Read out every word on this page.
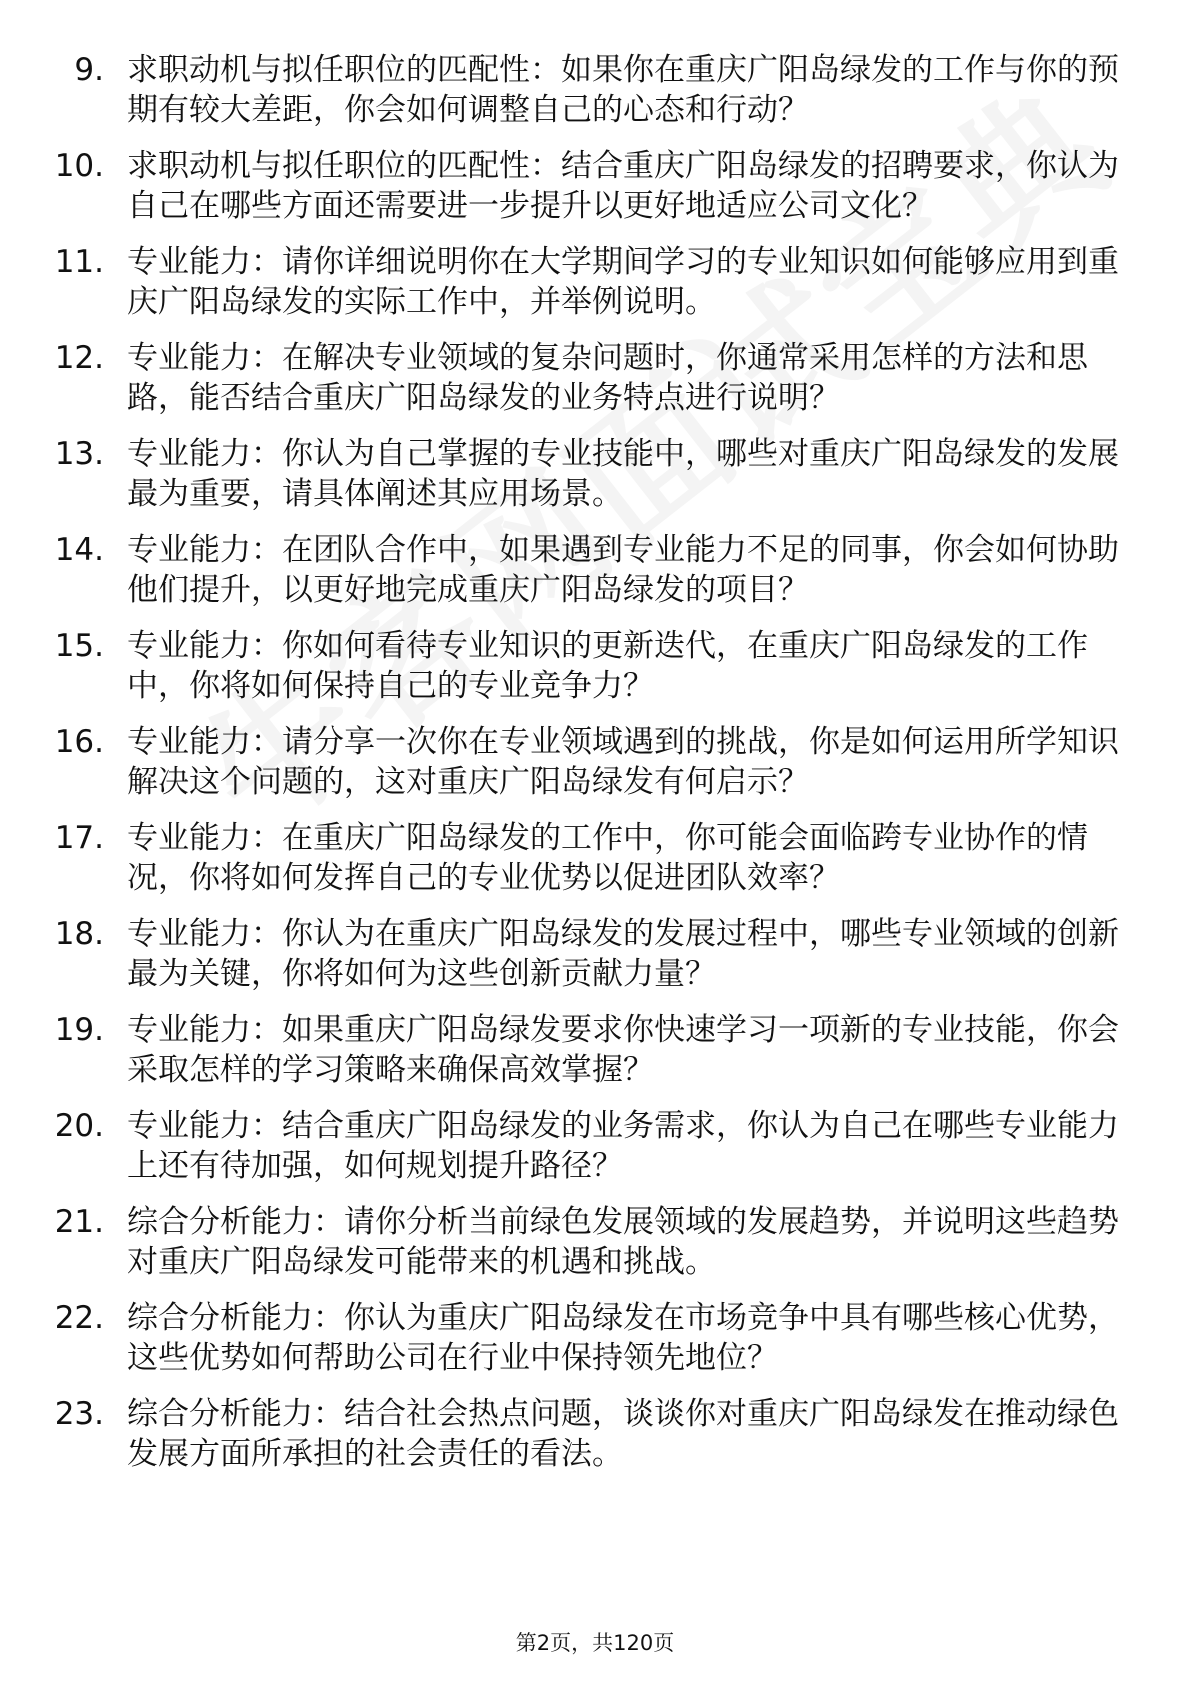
9. 求职动机与拟任职位的匹配性：如果你在重庆广阳岛绿发的工作与你的预期有较大差距，你会如何调整自己的心态和行动？
10. 求职动机与拟任职位的匹配性：结合重庆广阳岛绿发的招聘要求，你认为自己在哪些方面还需要进一步提升以更好地适应公司文化？
11. 专业能力：请你详细说明你在大学期间学习的专业知识如何能够应用到重庆广阳岛绿发的实际工作中，并举例说明。
12. 专业能力：在解决专业领域的复杂问题时，你通常采用怎样的方法和思路，能否结合重庆广阳岛绿发的业务特点进行说明？
13. 专业能力：你认为自己掌握的专业技能中，哪些对重庆广阳岛绿发的发展最为重要，请具体阐述其应用场景。
14. 专业能力：在团队合作中，如果遇到专业能力不足的同事，你会如何协助他们提升，以更好地完成重庆广阳岛绿发的项目？
15. 专业能力：你如何看待专业知识的更新迭代，在重庆广阳岛绿发的工作中，你将如何保持自己的专业竞争力？
16. 专业能力：请分享一次你在专业领域遇到的挑战，你是如何运用所学知识解决这个问题的，这对重庆广阳岛绿发有何启示？
17. 专业能力：在重庆广阳岛绿发的工作中，你可能会面临跨专业协作的情况，你将如何发挥自己的专业优势以促进团队效率？
18. 专业能力：你认为在重庆广阳岛绿发的发展过程中，哪些专业领域的创新最为关键，你将如何为这些创新贡献力量？
19. 专业能力：如果重庆广阳岛绿发要求你快速学习一项新的专业技能，你会采取怎样的学习策略来确保高效掌握？
20. 专业能力：结合重庆广阳岛绿发的业务需求，你认为自己在哪些专业能力上还有待加强，如何规划提升路径？
21. 综合分析能力：请你分析当前绿色发展领域的发展趋势，并说明这些趋势对重庆广阳岛绿发可能带来的机遇和挑战。
22. 综合分析能力：你认为重庆广阳岛绿发在市场竞争中具有哪些核心优势，这些优势如何帮助公司在行业中保持领先地位？
23. 综合分析能力：结合社会热点问题，谈谈你对重庆广阳岛绿发在推动绿色发展方面所承担的社会责任的看法。
第2页，共120页
